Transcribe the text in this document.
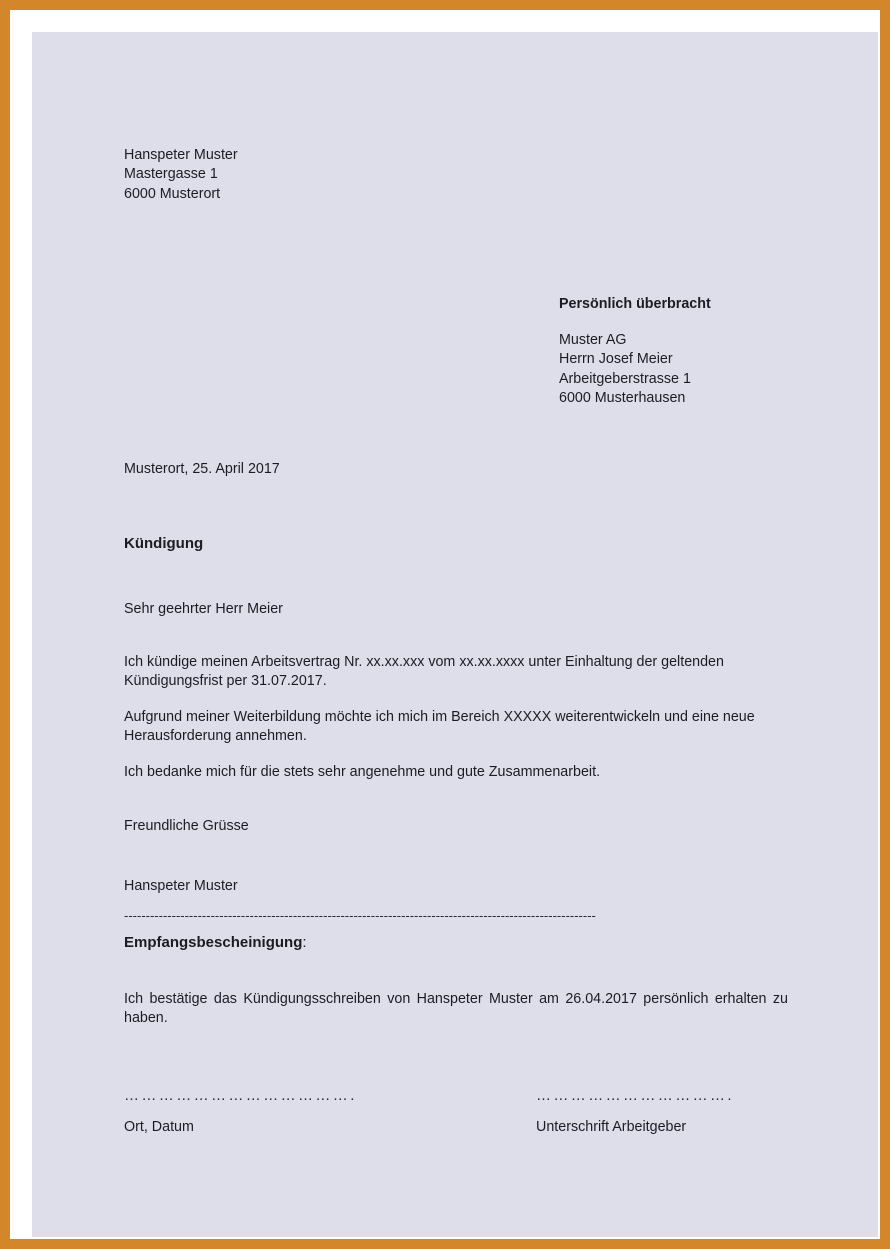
Hanspeter Muster
Mastergasse 1
6000 Musterort
Persönlich überbracht
Muster AG
Herrn Josef Meier
Arbeitgeberstrasse 1
6000 Musterhausen
Musterort, 25. April 2017
Kündigung
Sehr geehrter Herr Meier

Ich kündige meinen Arbeitsvertrag Nr. xx.xx.xxx vom xx.xx.xxxx unter Einhaltung der geltenden Kündigungsfrist per 31.07.2017.

Aufgrund meiner Weiterbildung möchte ich mich im Bereich XXXXX weiterentwickeln und eine neue Herausforderung annehmen.

Ich bedanke mich für die stets sehr angenehme und gute Zusammenarbeit.

Freundliche Grüsse
Hanspeter Muster
-------------------------------------------------------------------------------------------------------------
Empfangsbescheinigung:

Ich bestätige das Kündigungsschreiben von Hanspeter Muster am 26.04.2017 persönlich erhalten zu haben.

………………………………….
Ort, Datum
…………………………….
Unterschrift Arbeitgeber
